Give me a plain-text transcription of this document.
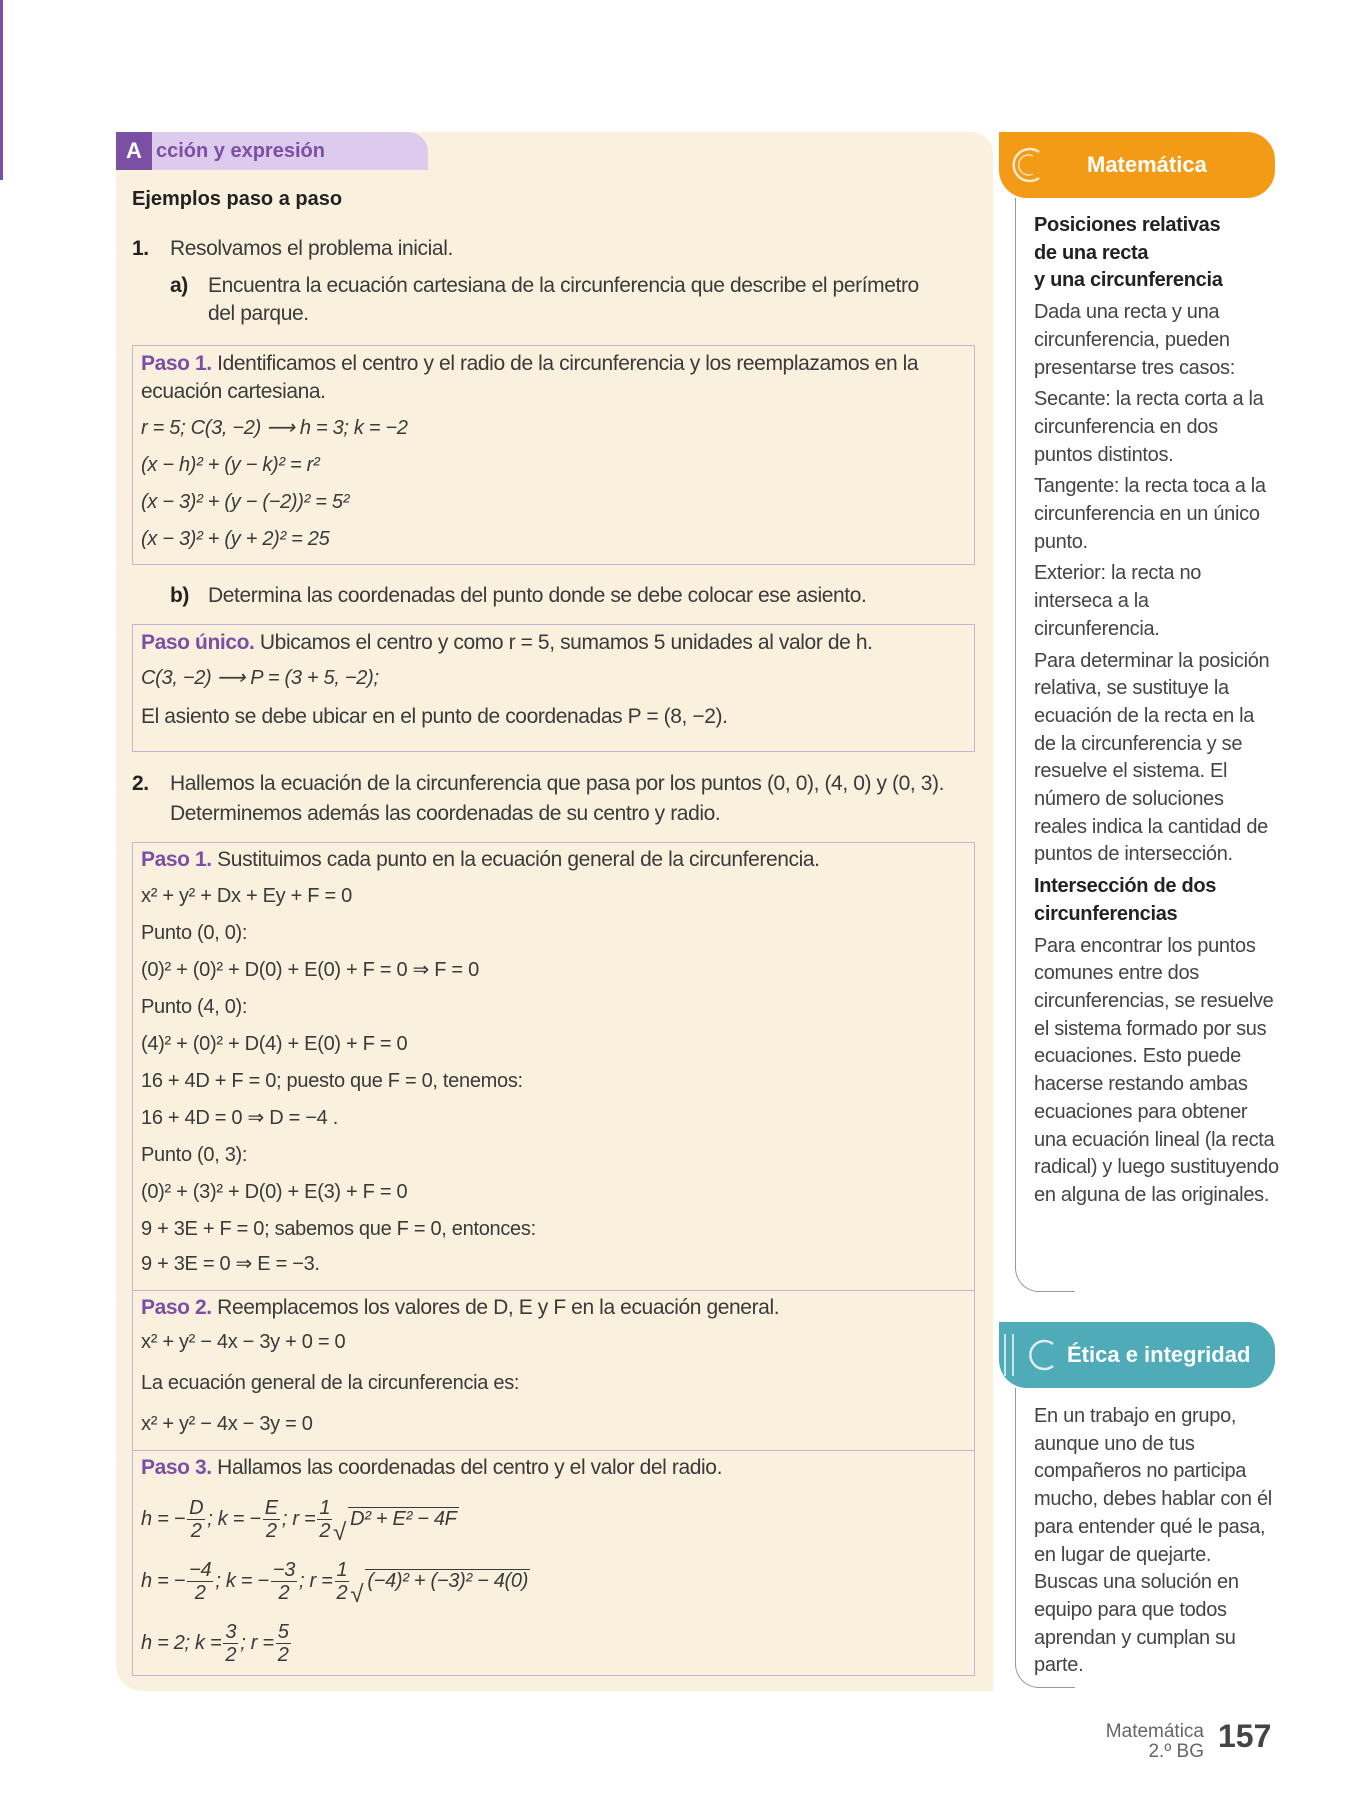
A cción y expresión
Ejemplos paso a paso
1. Resolvamos el problema inicial.
a) Encuentra la ecuación cartesiana de la circunferencia que describe el perímetro
del parque.
Paso 1. Identificamos el centro y el radio de la circunferencia y los reemplazamos en la
ecuación cartesiana.
r = 5; C(3, −2) ⟶ h = 3; k = −2
(x − h)² + (y − k)² = r²
(x − 3)² + (y − (−2))² = 5²
(x − 3)² + (y + 2)² = 25
b) Determina las coordenadas del punto donde se debe colocar ese asiento.
Paso único. Ubicamos el centro y como r = 5, sumamos 5 unidades al valor de h.
C(3, −2) ⟶ P = (3 + 5, −2);
El asiento se debe ubicar en el punto de coordenadas P = (8, −2).
2. Hallemos la ecuación de la circunferencia que pasa por los puntos (0, 0), (4, 0) y (0, 3).
Determinemos además las coordenadas de su centro y radio.
Paso 1. Sustituimos cada punto en la ecuación general de la circunferencia.
x² + y² + Dx + Ey + F = 0
Punto (0, 0):
(0)² + (0)² + D(0) + E(0) + F = 0 ⇒ F = 0
Punto (4, 0):
(4)² + (0)² + D(4) + E(0) + F = 0
16 + 4D + F = 0; puesto que F = 0, tenemos:
16 + 4D = 0 ⇒ D = −4 .
Punto (0, 3):
(0)² + (3)² + D(0) + E(3) + F = 0
9 + 3E + F = 0; sabemos que F = 0, entonces:
9 + 3E = 0 ⇒ E = −3.
Paso 2. Reemplacemos los valores de D, E y F en la ecuación general.
x² + y² − 4x − 3y + 0 = 0
La ecuación general de la circunferencia es:
x² + y² − 4x − 3y = 0
Paso 3. Hallamos las coordenadas del centro y el valor del radio.
h = − $\frac{D}{2}$ ; k = − $\frac{E}{2}$ ; $r = \frac{1}{2}$ √ D² + E² − 4F
h = − $\frac{-4}{2}$ ; k = − $\frac{-3}{2}$ ; $r = \frac{1}{2}$ √ (−4)² + (−3)² − 4(0)
h = 2; $k = \frac{3}{2}$ ; $r = \frac{5}{2}$
Matemática

Posiciones relativas
de una recta
y una circunferencia

Dada una recta y una circunferencia, pueden presentarse tres casos:

Secante: la recta corta a la circunferencia en dos puntos distintos.

Tangente: la recta toca a la circunferencia en un único punto.

Exterior: la recta no interseca a la circunferencia.

Para determinar la posición relativa, se sustituye la ecuación de la recta en la de la circunferencia y se resuelve el sistema. El número de soluciones reales indica la cantidad de puntos de intersección.

Intersección de dos
circunferencias

Para encontrar los puntos comunes entre dos circunferencias, se resuelve el sistema formado por sus ecuaciones. Esto puede hacerse restando ambas ecuaciones para obtener una ecuación lineal (la recta radical) y luego sustituyendo en alguna de las originales.

Ética e integridad

En un trabajo en grupo, aunque uno de tus compañeros no participa mucho, debes hablar con él para entender qué le pasa, en lugar de quejarte. Buscas una solución en equipo para que todos aprendan y cumplan su parte.

Matemática
2.º BG 157
